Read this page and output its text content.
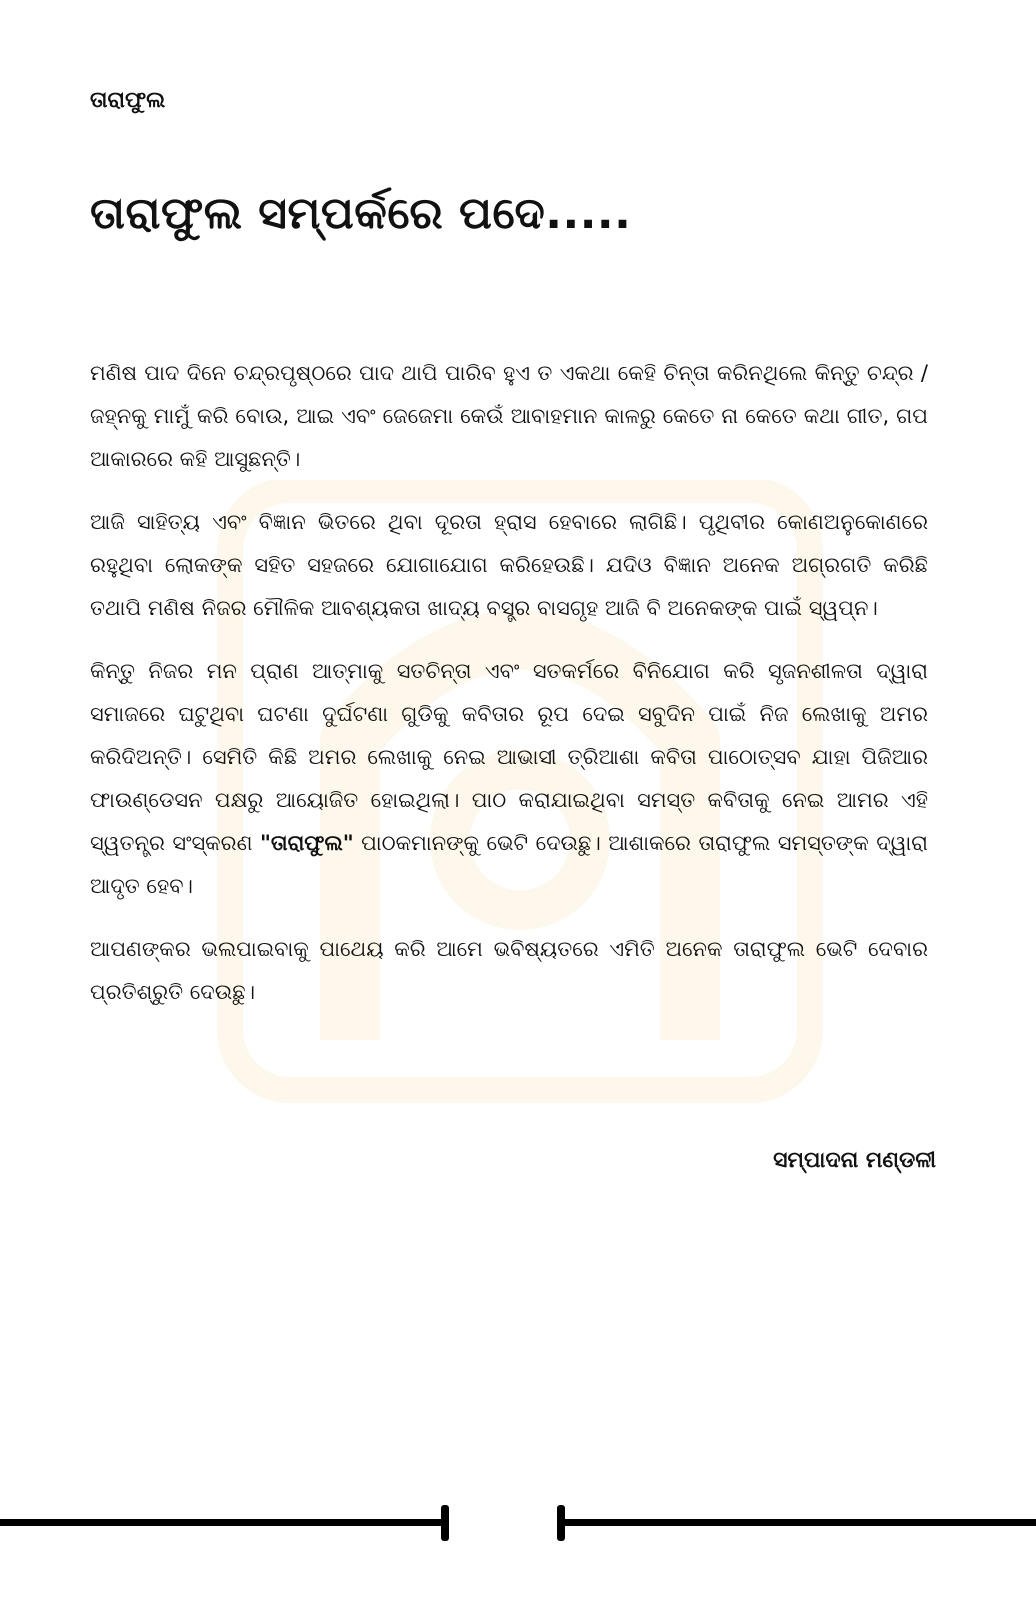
ତାରାଫୁଲ
ତାରାଫୁଲ ସମ୍ପର୍କରେ ପଦେ.....

ମଣିଷ ପାଦ ଦିନେ ଚନ୍ଦ୍ରପୃଷ୍ଠରେ ପାଦ ଥାପି ପାରିବ ହୁଏ ତ ଏକଥା କେହି ଚିନ୍ତା କରିନଥିଲେ କିନ୍ତୁ ଚନ୍ଦ୍ର / ଜହ୍ନକୁ ମାମୁଁ କରି ବୋଉ, ଆଇ ଏବଂ ଜେଜେମା କେଉଁ ଆବାହମାନ କାଳରୁ କେତେ ନା କେତେ କଥା ଗୀତ, ଗପ ଆକାରରେ କହି ଆସୁଛନ୍ତି।

ଆଜି ସାହିତ୍ୟ ଏବଂ ବିଜ୍ଞାନ ଭିତରେ ଥିବା ଦୂରତା ହ୍ରାସ ହେବାରେ ଲାଗିଛି। ପୃଥିବୀର କୋଣଅନୁକୋଣରେ ରହୁଥିବା ଲୋକଙ୍କ ସହିତ ସହଜରେ ଯୋଗାଯୋଗ କରିହେଉଛି। ଯଦିଓ ବିଜ୍ଞାନ ଅନେକ ଅଗ୍ରଗତି କରିଛି ତଥାପି ମଣିଷ ନିଜର ମୌଳିକ ଆବଶ୍ୟକତା ଖାଦ୍ୟ ବସ୍ତ୍ର ବାସଗୃହ ଆଜି ବି ଅନେକଙ୍କ ପାଇଁ ସ୍ୱପ୍ନ।

କିନ୍ତୁ ନିଜର ମନ ପ୍ରାଣ ଆତ୍ମାକୁ ସତଚିନ୍ତା ଏବଂ ସତକର୍ମରେ ବିନିଯୋଗ କରି ସୃଜନଶୀଳତା ଦ୍ୱାରା ସମାଜରେ ଘଟୁଥିବା ଘଟଣା ଦୁର୍ଘଟଣା ଗୁଡିକୁ କବିତାର ରୂପ ଦେଇ ସବୁଦିନ ପାଇଁ ନିଜ ଲେଖାକୁ ଅମର କରିଦିଅନ୍ତି। ସେମିତି କିଛି ଅମର ଲେଖାକୁ ନେଇ ଆଭାସୀ ତ୍ରିଆଶା କବିତା ପାଠୋତ୍ସବ ଯାହା ପିଜିଆର ଫାଉଣ୍ଡେସନ ପକ୍ଷରୁ ଆୟୋଜିତ ହୋଇଥିଲା। ପାଠ କରାଯାଇଥିବା ସମସ୍ତ କବିତାକୁ ନେଇ ଆମର ଏହି ସ୍ୱତନ୍ତ୍ର ସଂସ୍କରଣ "ତାରାଫୁଲ" ପାଠକମାନଙ୍କୁ ଭେଟି ଦେଉଛୁ। ଆଶାକରେ ତାରାଫୁଲ ସମସ୍ତଙ୍କ ଦ୍ୱାରା ଆଦୃତ ହେବ।

ଆପଣଙ୍କର ଭଲପାଇବାକୁ ପାଥେୟ କରି ଆମେ ଭବିଷ୍ୟତରେ ଏମିତି ଅନେକ ତାରାଫୁଲ ଭେଟି ଦେବାର ପ୍ରତିଶ୍ରୁତି ଦେଉଛୁ।

ସମ୍ପାଦନା ମଣ୍ଡଳୀ
